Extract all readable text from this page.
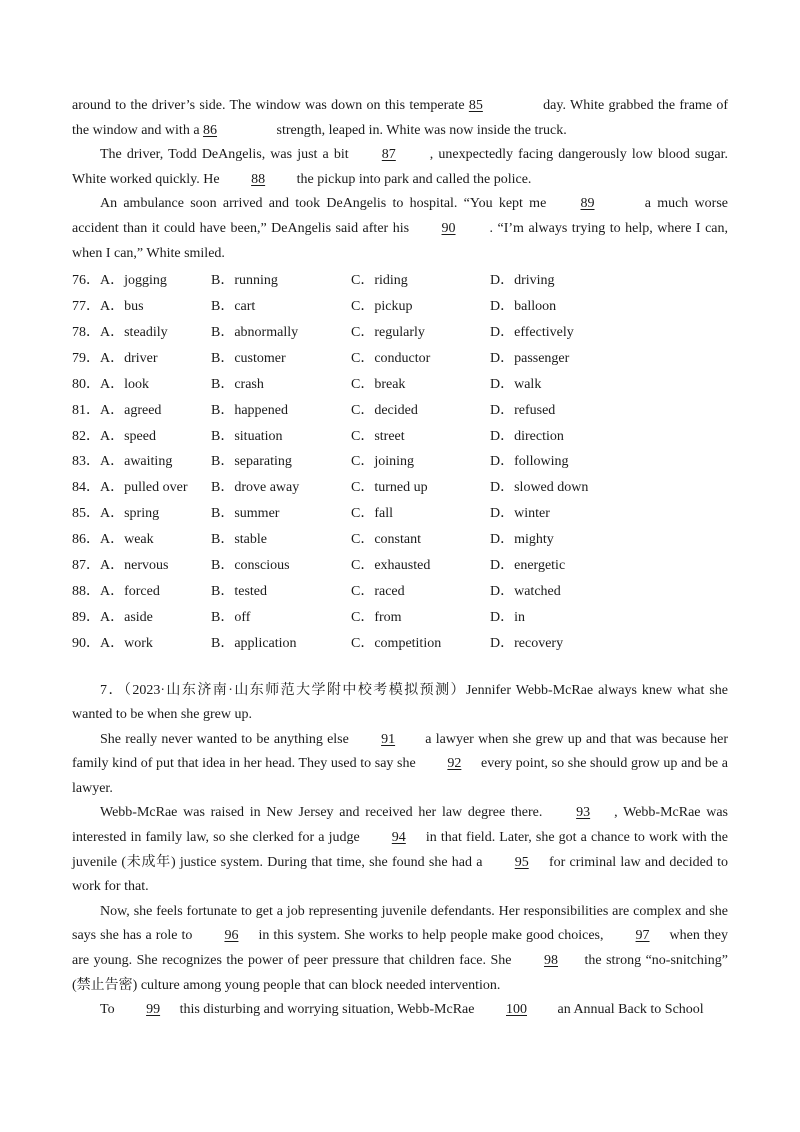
around to the driver’s side. The window was down on this temperate 85	day. White grabbed the frame of the window and with a 86	strength, leaped in. White was now inside the truck.

The driver, Todd DeAngelis, was just a bit 87 , unexpectedly facing dangerously low blood sugar. White worked quickly. He 88 the pickup into park and called the police.

An ambulance soon arrived and took DeAngelis to hospital. “You kept me 89	a much worse accident than it could have been,” DeAngelis said after his 90 . “I’m always trying to help, where I can, when I can,” White smiled.

76．A．jogging	B．running	C．riding	D．driving
77．A．bus	B．cart	C．pickup	D．balloon
78．A．steadily	B．abnormally	C．regularly	D．effectively
79．A．driver	B．customer	C．conductor	D．passenger
80．A．look	B．crash	C．break	D．walk
81．A．agreed	B．happened	C．decided	D．refused
82．A．speed	B．situation	C．street	D．direction
83．A．awaiting	B．separating	C．joining	D．following
84．A．pulled over B．drove away	C．turned up	D．slowed down
85．A．spring	B．summer	C．fall	D．winter
86．A．weak	B．stable	C．constant	D．mighty
87．A．nervous	B．conscious	C．exhausted	D．energetic
88．A．forced	B．tested	C．raced	D．watched
89．A．aside	B．off	C．from	D．in
90．A．work	B．application	C．competition	D．recovery

7．（2023·山东济南·山东师范大学附中校考模拟预测）Jennifer Webb-McRae always knew what she wanted to be when she grew up.

She really never wanted to be anything else 91 a lawyer when she grew up and that was because her family kind of put that idea in her head. They used to say she 92 every point, so she should grow up and be a lawyer.

Webb-McRae was raised in New Jersey and received her law degree there. 93 , Webb-McRae was interested in family law, so she clerked for a judge 94 in that field. Later, she got a chance to work with the juvenile (未成年) justice system. During that time, she found she had a 95 for criminal law and decided to work for that.

Now, she feels fortunate to get a job representing juvenile defendants. Her responsibilities are complex and she says she has a role to 96 in this system. She works to help people make good choices, 97 when they are young. She recognizes the power of peer pressure that children face. She 98 the strong “no-snitching” (禁止告密) culture among young people that can block needed intervention.

To 99 this disturbing and worrying situation, Webb-McRae 100 an Annual Back to School
